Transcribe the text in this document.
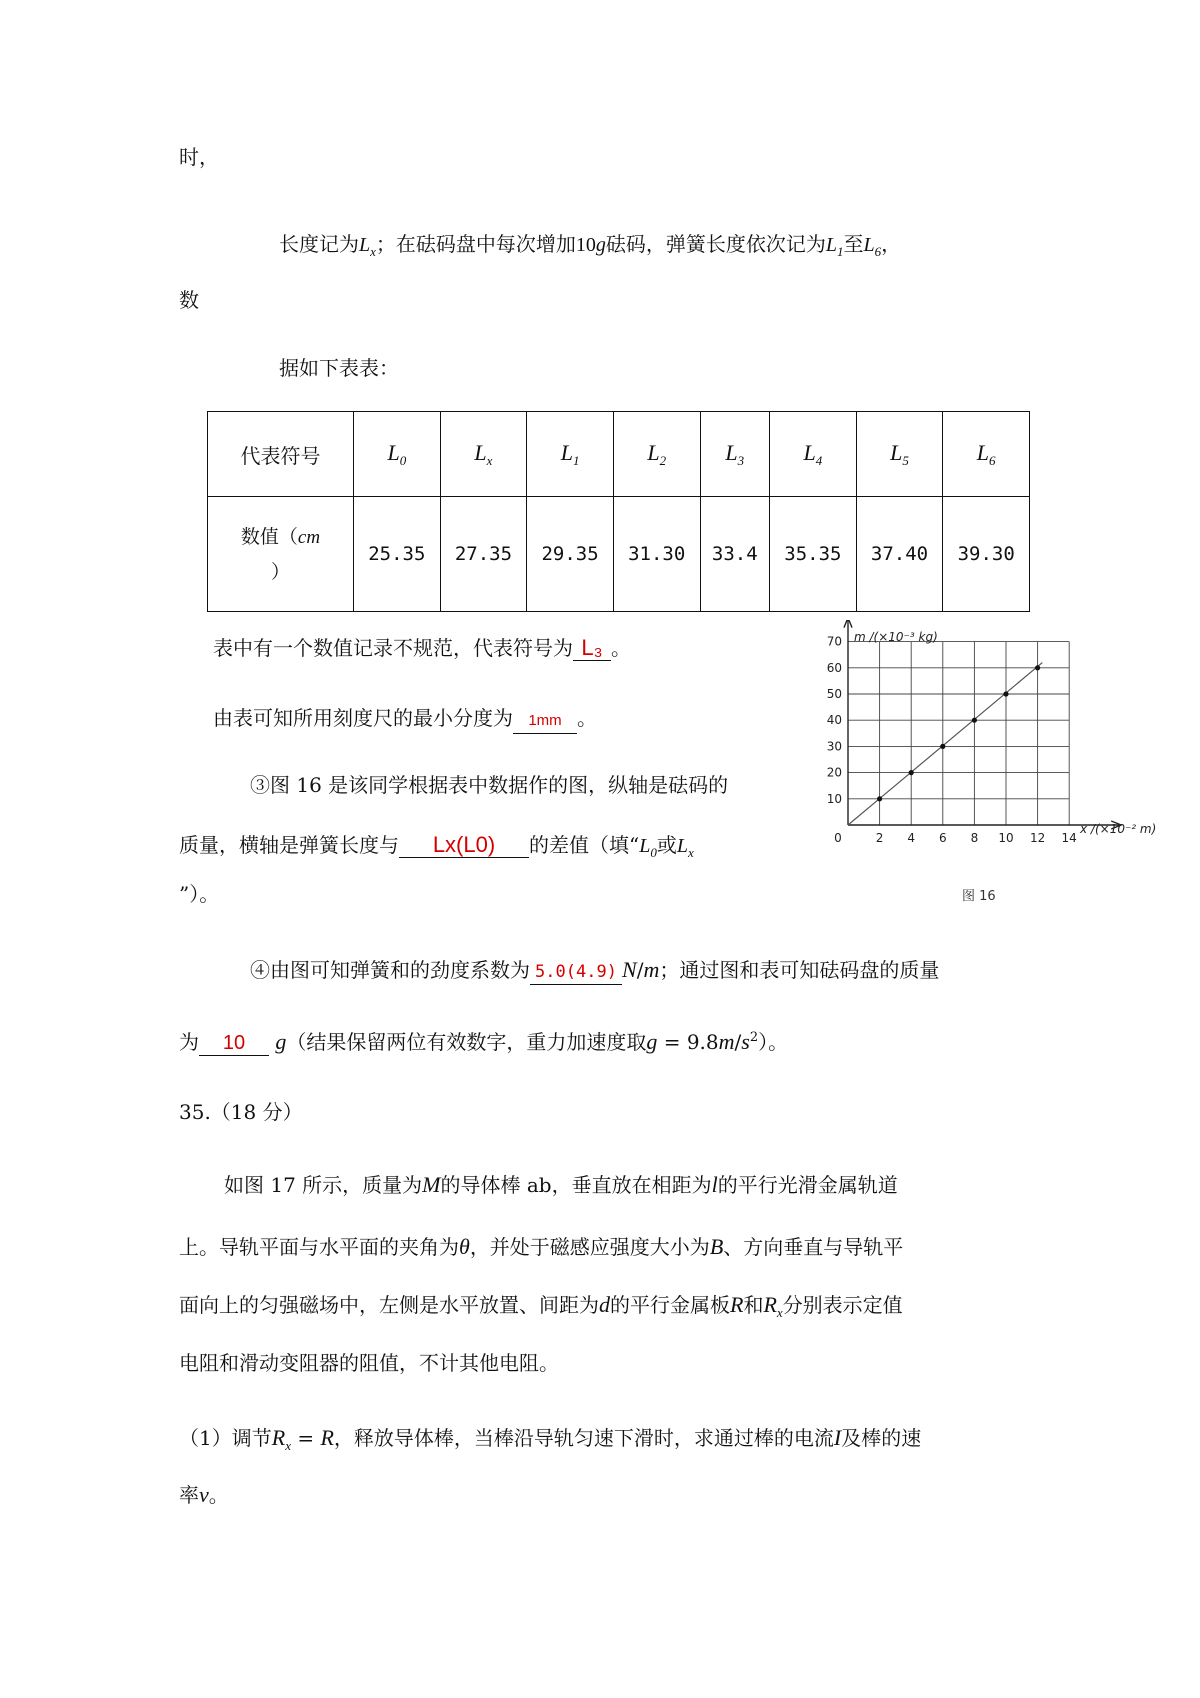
时，
长度记为$L_x$；在砝码盘中每次增加10g砝码，弹簧长度依次记为$L_1$至$L_6$，
数
据如下表表：
代表符号	$L_0$	$L_x$	$L_1$	$L_2$	$L_3$	$L_4$	$L_5$	$L_6$

数值（cm
）	25.35	27.35	29.35	31.30	33.4	35.35	37.40	39.30
表中有一个数值记录不规范，代表符号为 L₃ 。
由表可知所用刻度尺的最小分度为 1mm 。
③图 16 是该同学根据表中数据作的图，纵轴是砝码的
质量，横轴是弹簧长度与 Lx(L0) 的差值（填“$L_0$或$L_x$
”）。
④由图可知弹簧和的劲度系数为 5.0(4.9) N/m；通过图和表可知砝码盘的质量
为 10 g（结果保留两位有效数字，重力加速度取$g = 9.8m/s^2$）。
35.（18 分）
如图 17 所示，质量为M的导体棒 ab，垂直放在相距为l的平行光滑金属轨道
上。导轨平面与水平面的夹角为θ，并处于磁感应强度大小为B、方向垂直与导轨平
面向上的匀强磁场中，左侧是水平放置、间距为d的平行金属板R和$R_x$分别表示定值
电阻和滑动变阻器的阻值，不计其他电阻。
（1）调节$R_x = R$，释放导体棒，当棒沿导轨匀速下滑时，求通过棒的电流I及棒的速
率v。
70
60
50
40
30
20
10
0	2 4 6 8 10 12 14
m /(×10⁻³ kg)
x /(×10⁻² m)
图 16
